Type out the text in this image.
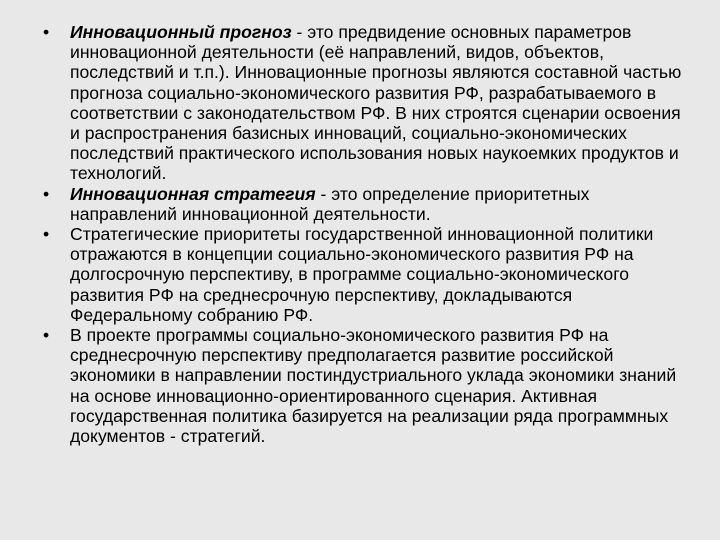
•	Инновационный прогноз - это предвидение основных параметров инновационной деятельности (её направлений, видов, объектов, последствий и т.п.). Инновационные прогнозы являются составной частью прогноза социально-экономического развития РФ, разрабатываемого в соответствии с законодательством РФ. В них строятся сценарии освоения и распространения базисных инноваций, социально-экономических последствий практического использования новых наукоемких продуктов и технологий.
•	Инновационная стратегия - это определение приоритетных направлений инновационной деятельности.
•	Стратегические приоритеты государственной инновационной политики отражаются в концепции социально-экономического развития РФ на долгосрочную перспективу, в программе социально-экономического развития РФ на среднесрочную перспективу, докладываются Федеральному собранию РФ.
•	В проекте программы социально-экономического развития РФ на среднесрочную перспективу предполагается развитие российской экономики в направлении постиндустриального уклада экономики знаний на основе инновационно-ориентированного сценария. Активная государственная политика базируется на реализации ряда программных документов - стратегий.
